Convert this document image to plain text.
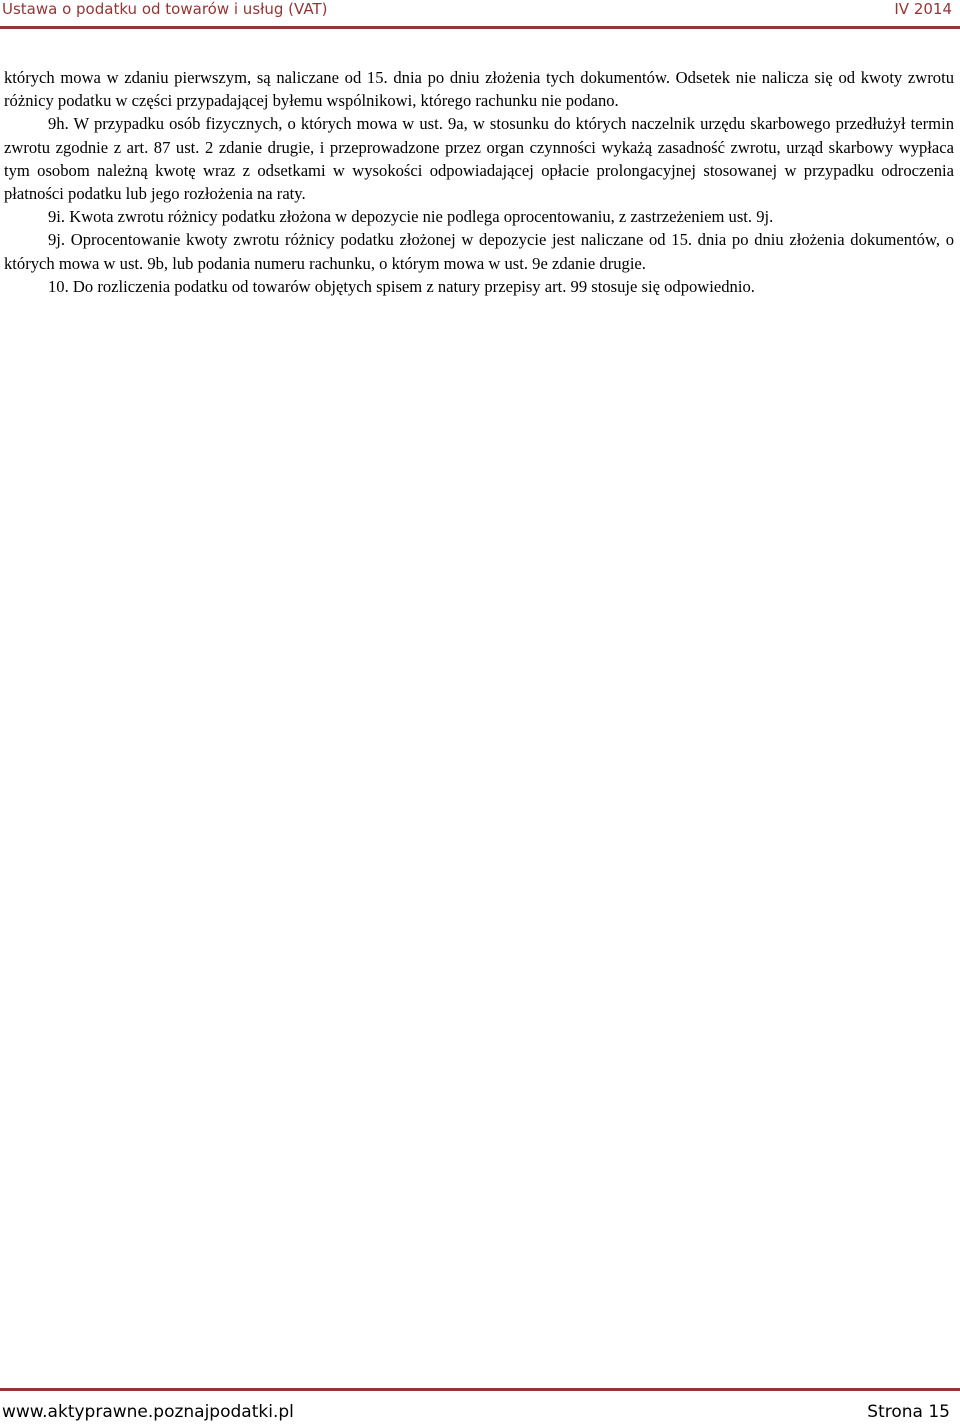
Ustawa o podatku od towarów i usług (VAT)	IV 2014

których mowa w zdaniu pierwszym, są naliczane od 15. dnia po dniu złożenia tych dokumentów. Odsetek nie nalicza się od kwoty zwrotu różnicy podatku w części przypadającej byłemu wspólnikowi, którego rachunku nie podano.

9h. W przypadku osób fizycznych, o których mowa w ust. 9a, w stosunku do których naczelnik urzędu skarbowego przedłużył termin zwrotu zgodnie z art. 87 ust. 2 zdanie drugie, i przeprowadzone przez organ czynności wykażą zasadność zwrotu, urząd skarbowy wypłaca tym osobom należną kwotę wraz z odsetkami w wysokości odpowiadającej opłacie prolongacyjnej stosowanej w przypadku odroczenia płatności podatku lub jego rozłożenia na raty.

9i. Kwota zwrotu różnicy podatku złożona w depozycie nie podlega oprocentowaniu, z zastrzeżeniem ust. 9j.

9j. Oprocentowanie kwoty zwrotu różnicy podatku złożonej w depozycie jest naliczane od 15. dnia po dniu złożenia dokumentów, o których mowa w ust. 9b, lub podania numeru rachunku, o którym mowa w ust. 9e zdanie drugie.

10. Do rozliczenia podatku od towarów objętych spisem z natury przepisy art. 99 stosuje się odpowiednio.

www.aktyprawne.poznajpodatki.pl	Strona 15
